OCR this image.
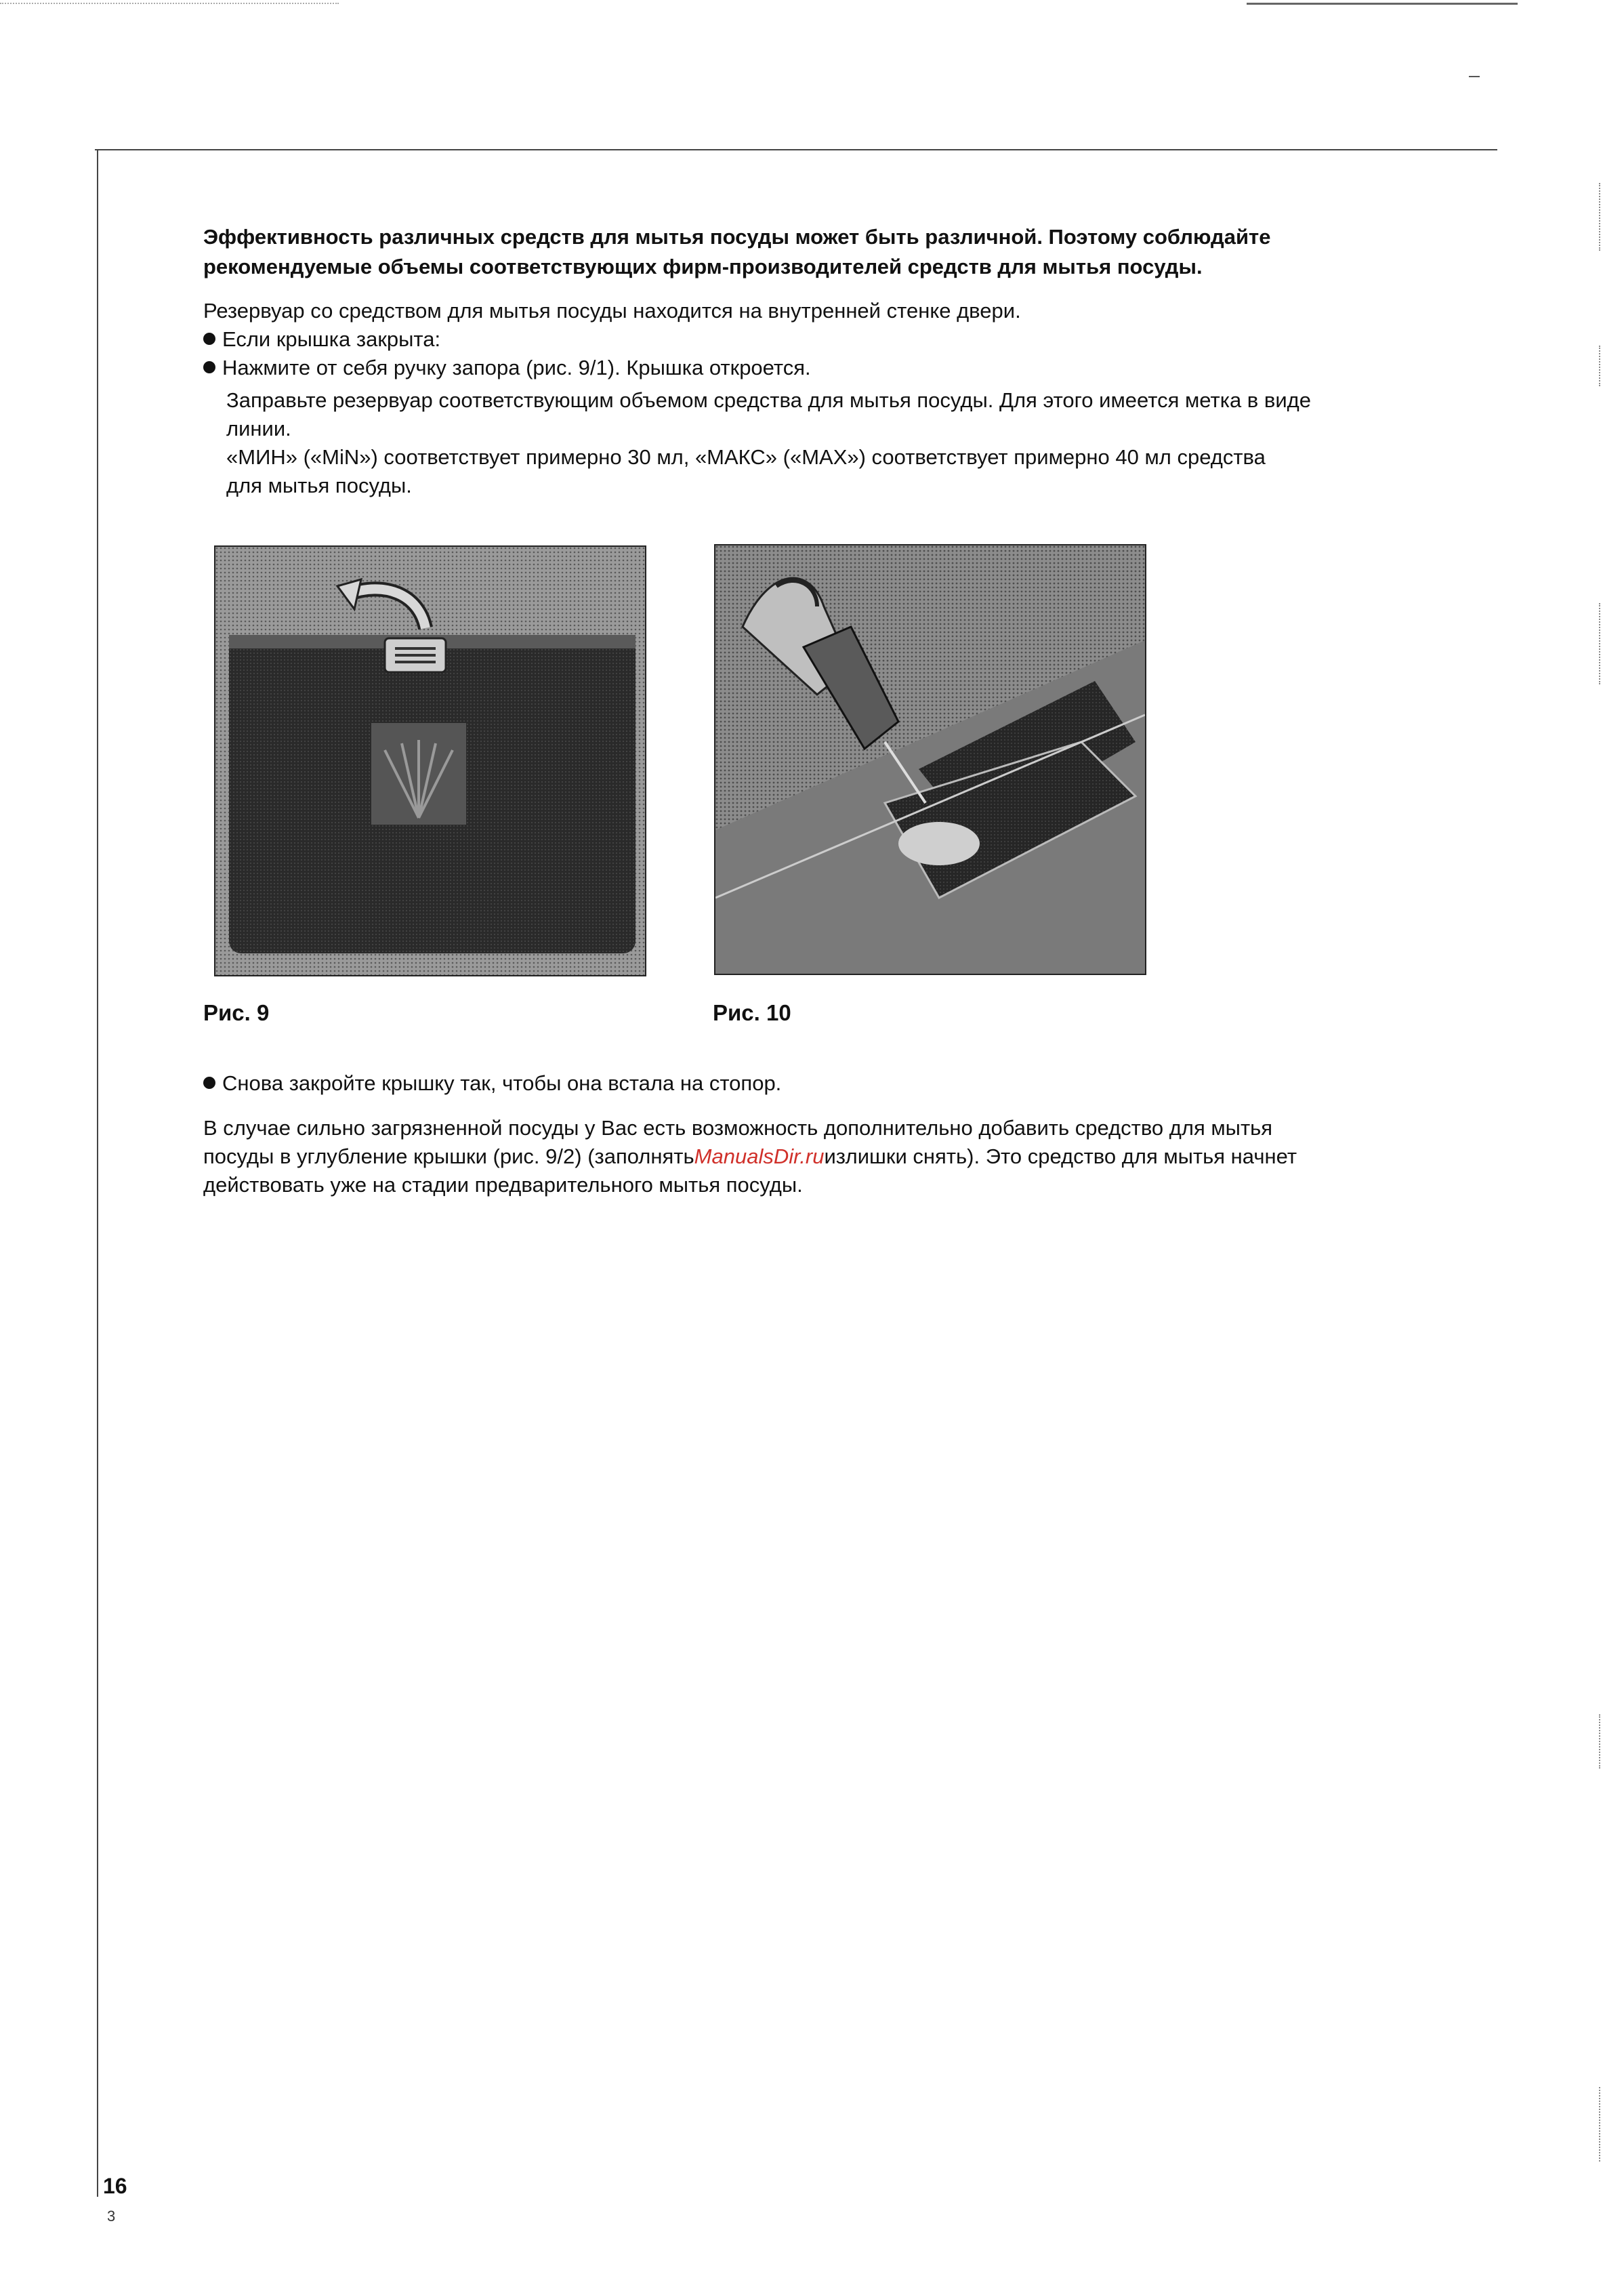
Эффективность различных средств для мытья посуды может быть различной. Поэтому соблюдайте
рекомендуемые объемы соответствующих фирм-производителей средств для мытья посуды.
Резервуар со средством для мытья посуды находится на внутренней стенке двери.
Если крышка закрыта:
Нажмите от себя ручку запора (рис. 9/1). Крышка откроется.
Заправьте резервуар соответствующим объемом средства для мытья посуды. Для этого имеется метка в виде
линии.
«МИН» («MiN») соответствует примерно 30 мл, «МАКС» («MAX») соответствует примерно 40 мл средства
для мытья посуды.
Рис. 9	Рис. 10
Снова закройте крышку так, чтобы она встала на стопор.
В случае сильно загрязненной посуды у Вас есть возможность дополнительно добавить средство для мытья
посуды в углубление крышки (рис. 9/2) (заполнятьManualsDir.ruизлишки снять). Это средство для мытья начнет
действовать уже на стадии предварительного мытья посуды.
16
3
